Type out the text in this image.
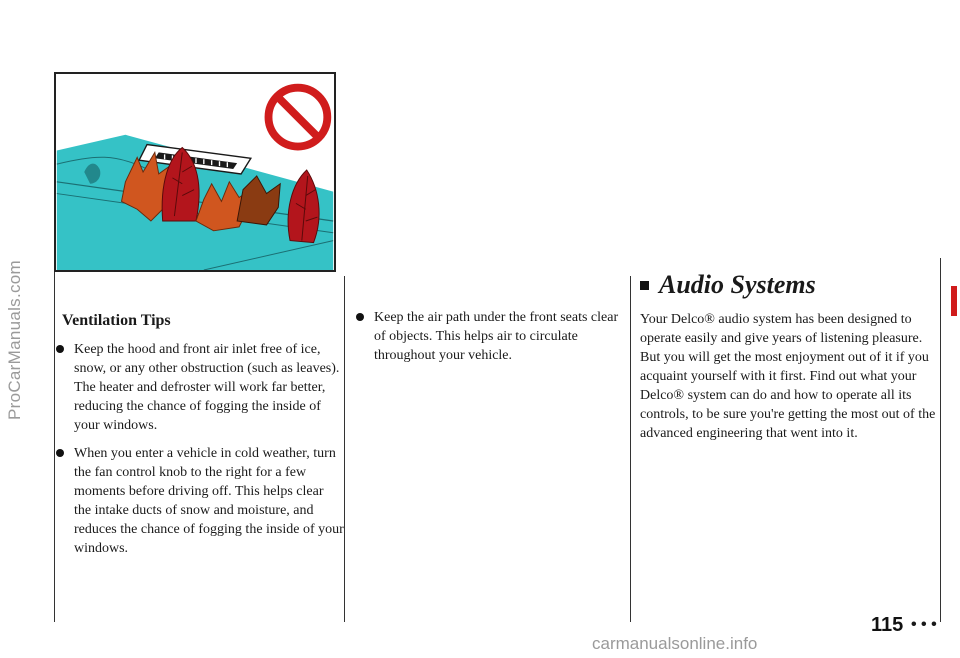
ProCarManuals.com Ventilation Tips
Keep the hood and front air inlet free of ice, snow, or any other obstruction (such as leaves). The heater and defroster will work far better, reducing the chance of fogging the inside of your windows.
When you enter a vehicle in cold weather, turn the fan control knob to the right for a few moments before driving off. This helps clear the intake ducts of snow and moisture, and reduces the chance of fogging the inside of your windows.
Keep the air path under the front seats clear of objects. This helps air to circulate throughout your vehicle.
Audio Systems
Your Delco® audio system has been designed to operate easily and give years of listening pleasure. But you will get the most enjoyment out of it if you acquaint yourself with it first. Find out what your Delco® system can do and how to operate all its controls, to be sure you're getting the most out of the advanced engineering that went into it.
115 • • •
carmanualsonline.info
